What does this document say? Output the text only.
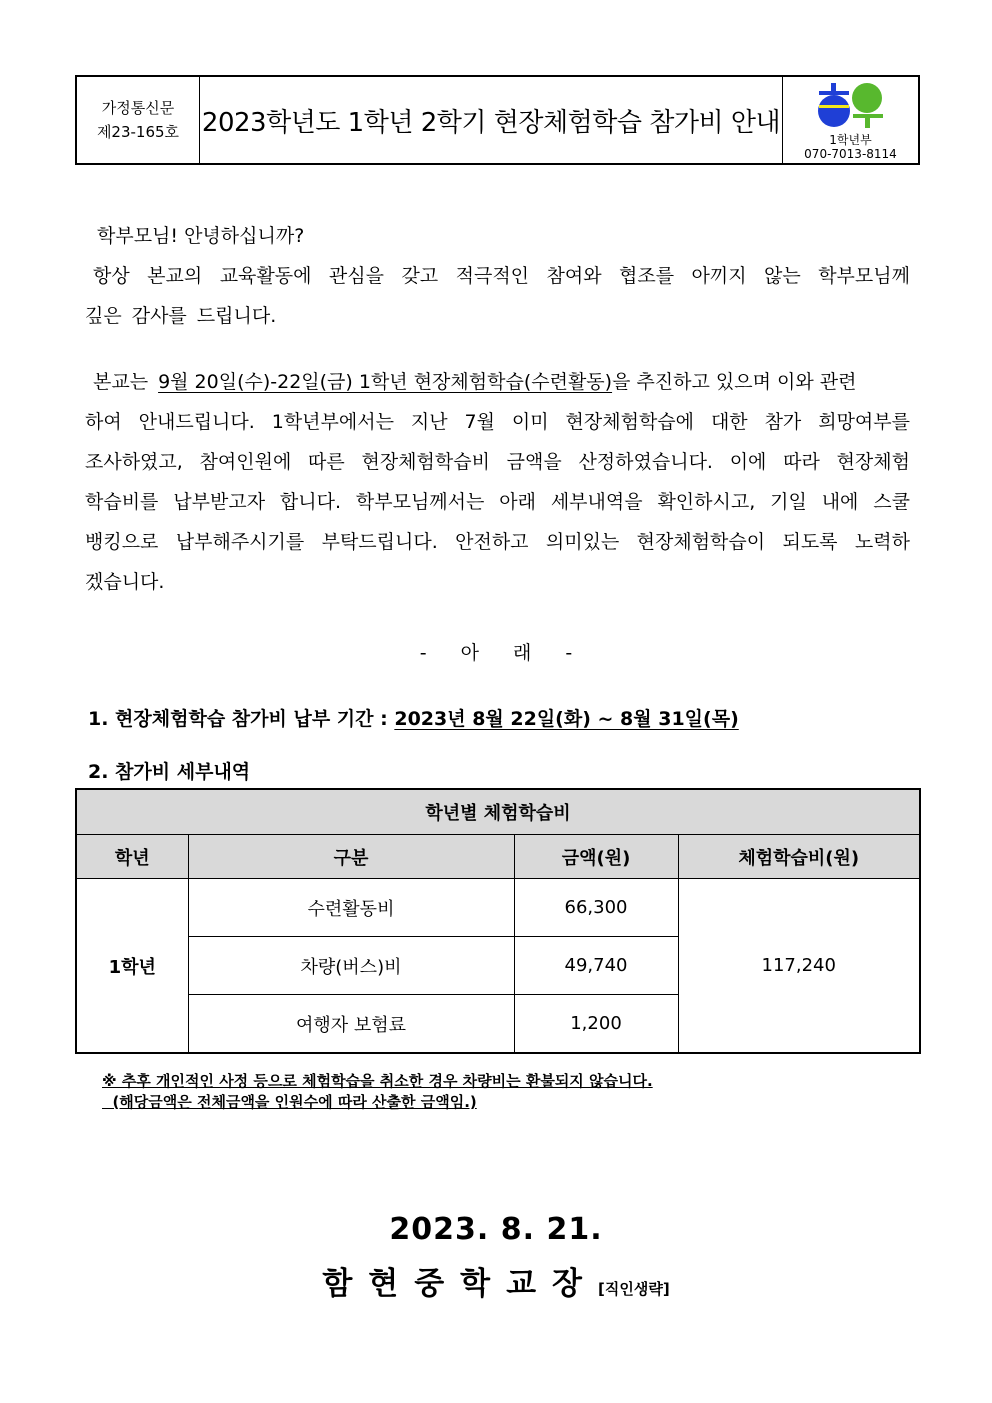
가정통신문
제23-165호 2023학년도 1학년 2학기 현장체험학습 참가비 안내
1학년부
070-7013-8114
학부모님! 안녕하십니까?
항상 본교의 교육활동에 관심을 갖고 적극적인 참여와 협조를 아끼지 않는 학부모님께
깊은 감사를 드립니다.
본교는 9월 20일(수)-22일(금) 1학년 현장체험학습(수련활동) 을 추진하고 있으며 이와 관련
하여 안내드립니다. 1학년부에서는 지난 7월 이미 현장체험학습에 대한 참가 희망여부를
조사하였고, 참여인원에 따른 현장체험학습비 금액을 산정하였습니다. 이에 따라 현장체험
학습비를 납부받고자 합니다. 학부모님께서는 아래 세부내역을 확인하시고, 기일 내에 스쿨
뱅킹으로 납부해주시기를 부탁드립니다. 안전하고 의미있는 현장체험학습이 되도록 노력하
겠습니다.
- 아 래 -
1. 현장체험학습 참가비 납부 기간 : 2023년 8월 22일(화) ~ 8월 31일(목)
2. 참가비 세부내역
학년별 체험학습비			
학년	구분	금액(원)	체험학습비(원)
1학년	수련활동비	66,300	117,240
	차량(버스)비	49,740	
	여행자 보험료	1,200	
※ 추후 개인적인 사정 등으로 체험학습을 취소한 경우 차량비는 환불되지 않습니다.
(해당금액은 전체금액을 인원수에 따라 산출한 금액임.)
2023. 8. 21.
함현중학교장[직인생략]
